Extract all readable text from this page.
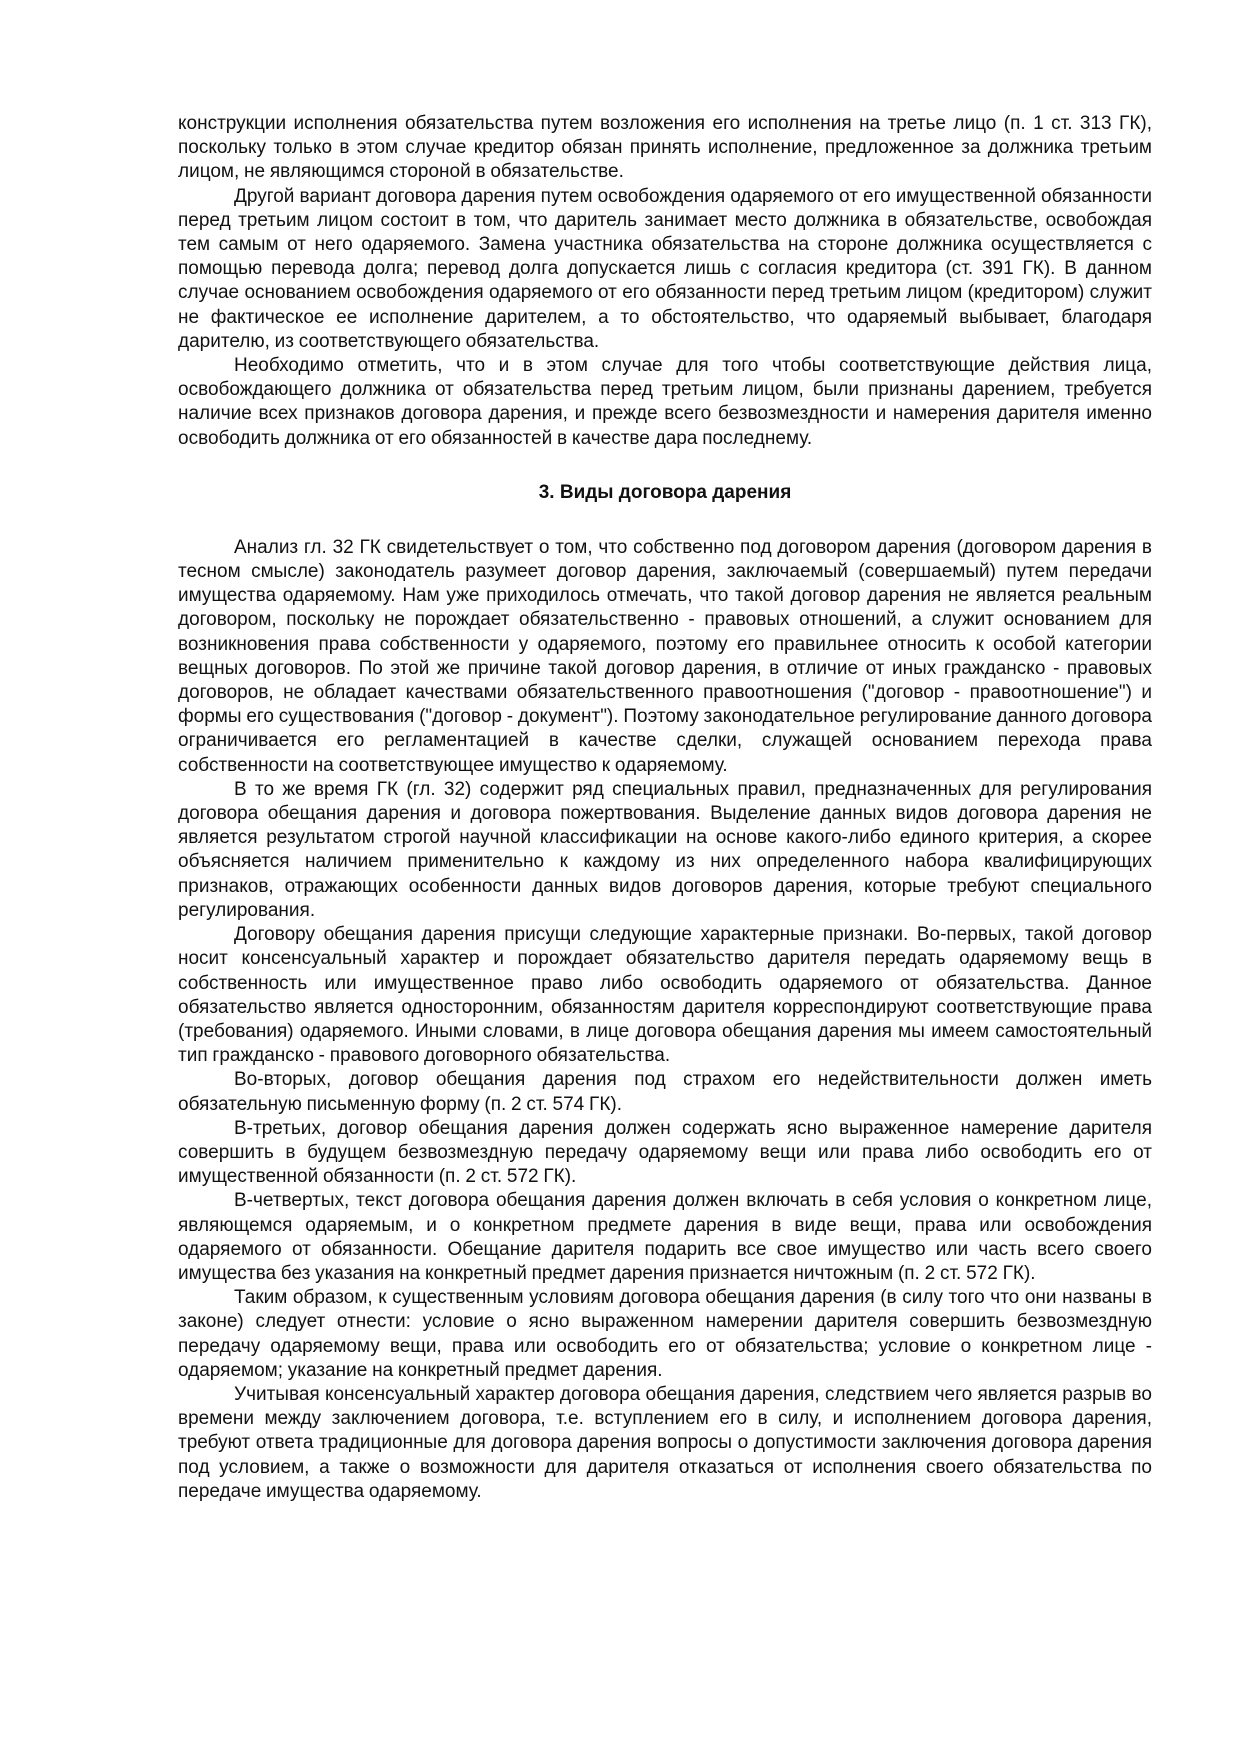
конструкции исполнения обязательства путем возложения его исполнения на третье лицо (п. 1 ст. 313 ГК), поскольку только в этом случае кредитор обязан принять исполнение, предложенное за должника третьим лицом, не являющимся стороной в обязательстве.

Другой вариант договора дарения путем освобождения одаряемого от его имущественной обязанности перед третьим лицом состоит в том, что даритель занимает место должника в обязательстве, освобождая тем самым от него одаряемого. Замена участника обязательства на стороне должника осуществляется с помощью перевода долга; перевод долга допускается лишь с согласия кредитора (ст. 391 ГК). В данном случае основанием освобождения одаряемого от его обязанности перед третьим лицом (кредитором) служит не фактическое ее исполнение дарителем, а то обстоятельство, что одаряемый выбывает, благодаря дарителю, из соответствующего обязательства.

Необходимо отметить, что и в этом случае для того чтобы соответствующие действия лица, освобождающего должника от обязательства перед третьим лицом, были признаны дарением, требуется наличие всех признаков договора дарения, и прежде всего безвозмездности и намерения дарителя именно освободить должника от его обязанностей в качестве дара последнему.

3. Виды договора дарения

Анализ гл. 32 ГК свидетельствует о том, что собственно под договором дарения (договором дарения в тесном смысле) законодатель разумеет договор дарения, заключаемый (совершаемый) путем передачи имущества одаряемому. Нам уже приходилось отмечать, что такой договор дарения не является реальным договором, поскольку не порождает обязательственно - правовых отношений, а служит основанием для возникновения права собственности у одаряемого, поэтому его правильнее относить к особой категории вещных договоров. По этой же причине такой договор дарения, в отличие от иных гражданско - правовых договоров, не обладает качествами обязательственного правоотношения ("договор - правоотношение") и формы его существования ("договор - документ"). Поэтому законодательное регулирование данного договора ограничивается его регламентацией в качестве сделки, служащей основанием перехода права собственности на соответствующее имущество к одаряемому.

В то же время ГК (гл. 32) содержит ряд специальных правил, предназначенных для регулирования договора обещания дарения и договора пожертвования. Выделение данных видов договора дарения не является результатом строгой научной классификации на основе какого-либо единого критерия, а скорее объясняется наличием применительно к каждому из них определенного набора квалифицирующих признаков, отражающих особенности данных видов договоров дарения, которые требуют специального регулирования.

Договору обещания дарения присущи следующие характерные признаки. Во-первых, такой договор носит консенсуальный характер и порождает обязательство дарителя передать одаряемому вещь в собственность или имущественное право либо освободить одаряемого от обязательства. Данное обязательство является односторонним, обязанностям дарителя корреспондируют соответствующие права (требования) одаряемого. Иными словами, в лице договора обещания дарения мы имеем самостоятельный тип гражданско - правового договорного обязательства.

Во-вторых, договор обещания дарения под страхом его недействительности должен иметь обязательную письменную форму (п. 2 ст. 574 ГК).

В-третьих, договор обещания дарения должен содержать ясно выраженное намерение дарителя совершить в будущем безвозмездную передачу одаряемому вещи или права либо освободить его от имущественной обязанности (п. 2 ст. 572 ГК).

В-четвертых, текст договора обещания дарения должен включать в себя условия о конкретном лице, являющемся одаряемым, и о конкретном предмете дарения в виде вещи, права или освобождения одаряемого от обязанности. Обещание дарителя подарить все свое имущество или часть всего своего имущества без указания на конкретный предмет дарения признается ничтожным (п. 2 ст. 572 ГК).

Таким образом, к существенным условиям договора обещания дарения (в силу того что они названы в законе) следует отнести: условие о ясно выраженном намерении дарителя совершить безвозмездную передачу одаряемому вещи, права или освободить его от обязательства; условие о конкретном лице - одаряемом; указание на конкретный предмет дарения.

Учитывая консенсуальный характер договора обещания дарения, следствием чего является разрыв во времени между заключением договора, т.е. вступлением его в силу, и исполнением договора дарения, требуют ответа традиционные для договора дарения вопросы о допустимости заключения договора дарения под условием, а также о возможности для дарителя отказаться от исполнения своего обязательства по передаче имущества одаряемому.
